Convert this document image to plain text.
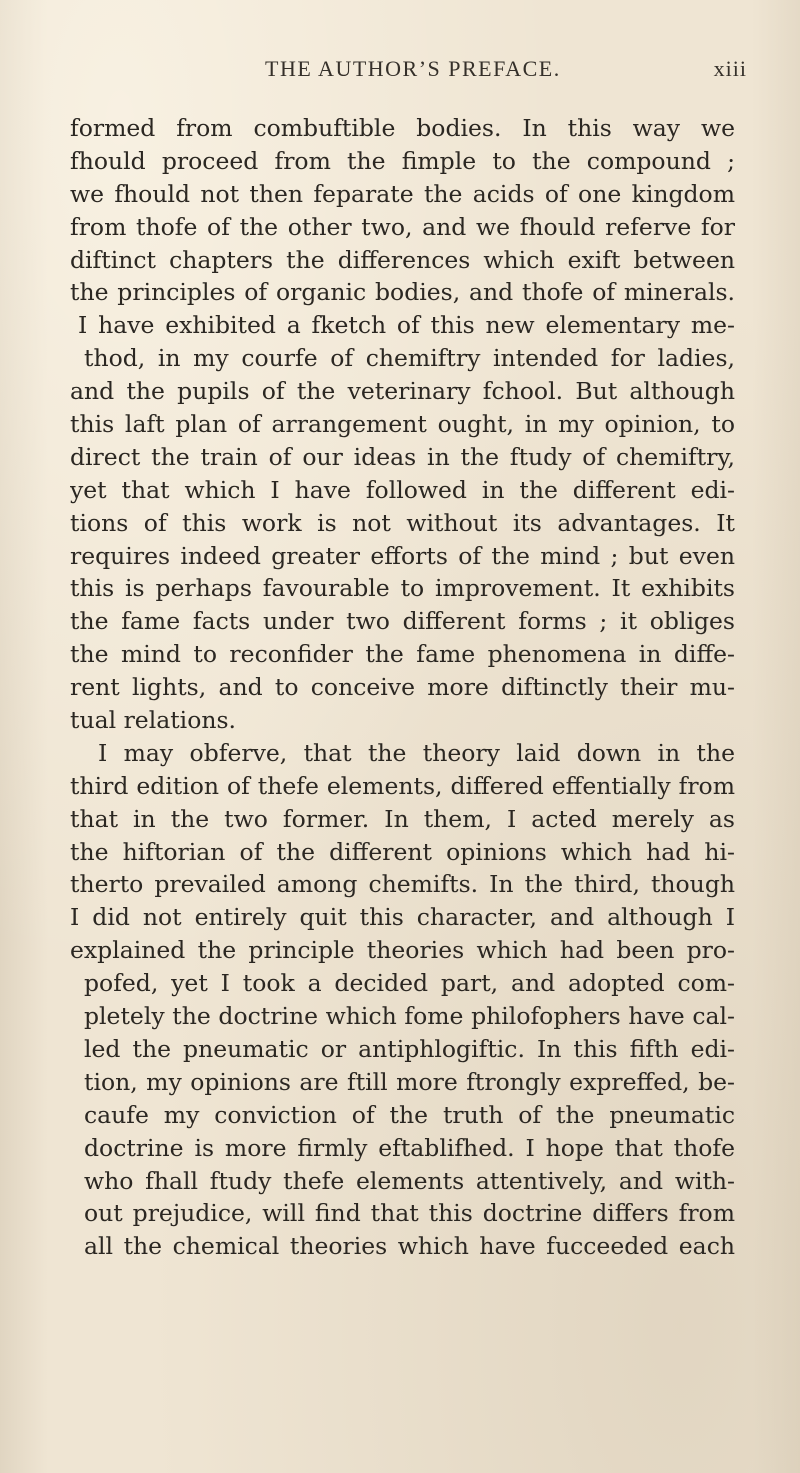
THE AUTHOR’S PREFACE.	xiii
formed from combuftible bodies. In this way we
fhould proceed from the fimple to the compound ;
we fhould not then feparate the acids of one kingdom
from thofe of the other two, and we fhould referve for
diftinct chapters the differences which exift between
the principles of organic bodies, and thofe of minerals.
I have exhibited a fketch of this new elementary me-
thod, in my courfe of chemiftry intended for ladies,
and the pupils of the veterinary fchool. But although
this laft plan of arrangement ought, in my opinion, to
direct the train of our ideas in the ftudy of chemiftry,
yet that which I have followed in the different edi-
tions of this work is not without its advantages. It
requires indeed greater efforts of the mind ; but even
this is perhaps favourable to improvement. It exhibits
the fame facts under two different forms ; it obliges
the mind to reconfider the fame phenomena in diffe-
rent lights, and to conceive more diftinctly their mu-
tual relations.
I may obferve, that the theory laid down in the
third edition of thefe elements, differed effentially from
that in the two former. In them, I acted merely as
the hiftorian of the different opinions which had hi-
therto prevailed among chemifts. In the third, though
I did not entirely quit this character, and although I
explained the principle theories which had been pro-
pofed, yet I took a decided part, and adopted com-
pletely the doctrine which fome philofophers have cal-
led the pneumatic or antiphlogiftic. In this fifth edi-
tion, my opinions are ftill more ftrongly expreffed, be-
caufe my conviction of the truth of the pneumatic
doctrine is more firmly eftablifhed. I hope that thofe
who fhall ftudy thefe elements attentively, and with-
out prejudice, will find that this doctrine differs from
all the chemical theories which have fucceeded each
